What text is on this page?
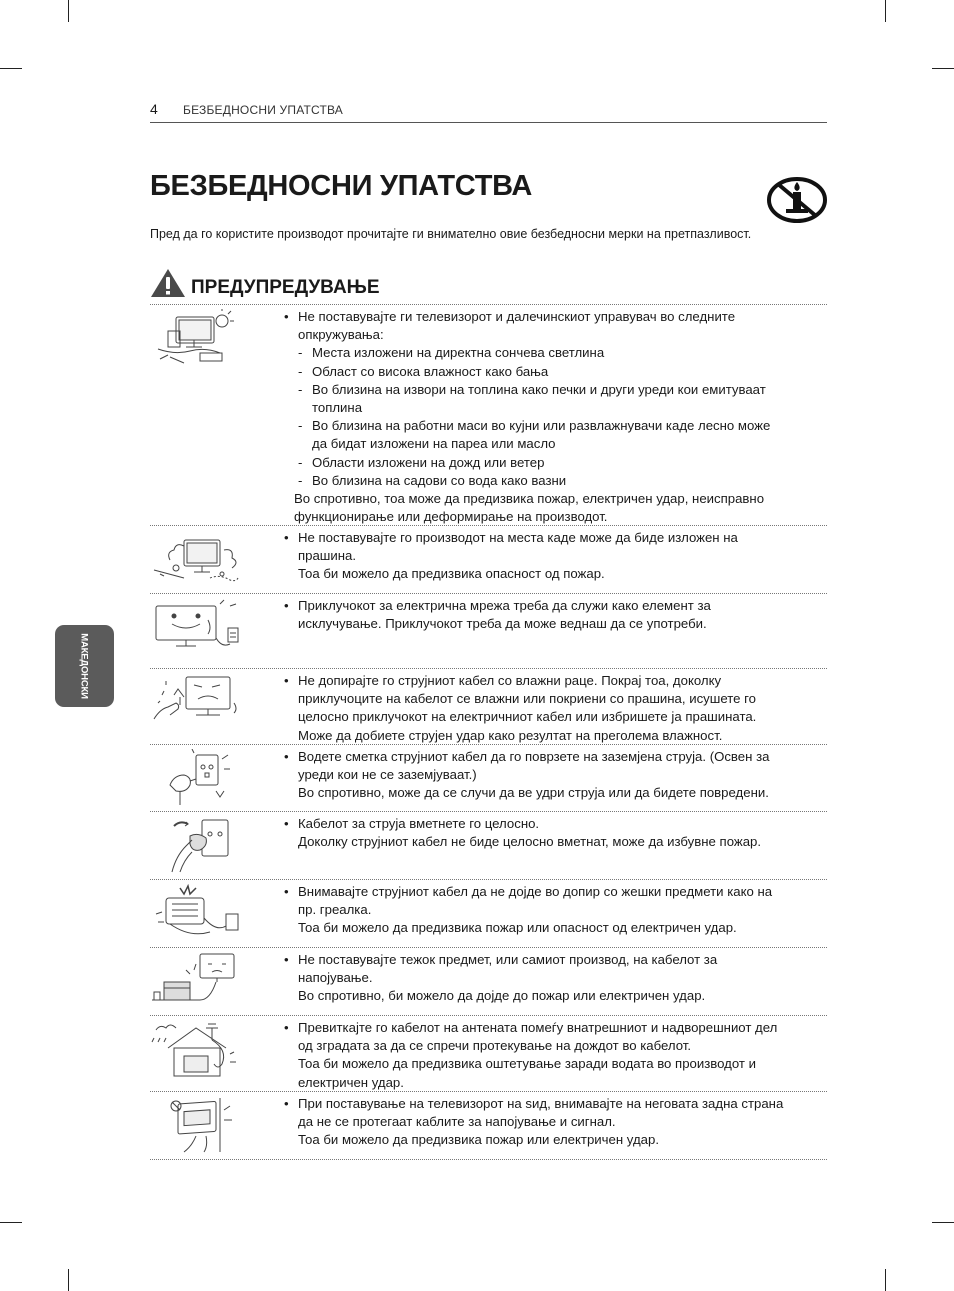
4 БЕЗБЕДНОСНИ УПАТСТВА
БЕЗБЕДНОСНИ УПАТСТВА
Пред да го користите производот прочитајте ги внимателно овие безбедносни мерки на претпазливост.
ПРЕДУПРЕДУВАЊЕ
МАКЕДОНСКИ
• Не поставувајте ги телевизорот и далечинскиот управувач во следните
опкружувања:
- Места изложени на директна сончева светлина
- Област со висока влажност како бања
- Во близина на извори на топлина како печки и други уреди кои емитуваат
топлина
- Во близина на работни маси во кујни или развлажнувачи каде лесно може
да бидат изложени на пареа или масло
- Области изложени на дожд или ветер
- Во близина на садови со вода како вазни
Во спротивно, тоа може да предизвика пожар, електричен удар, неисправно
функционирање или деформирање на производот.
• Не поставувајте го производот на места каде може да биде изложен на
прашина.
Тоа би можело да предизвика опасност од пожар.
• Приклучокот за електрична мрежа треба да служи како елемент за
исклучување. Приклучокот треба да може веднаш да се употреби.
• Не допирајте го струјниот кабел со влажни раце. Покрај тоа, доколку
приклучоците на кабелот се влажни или покриени со прашина, исушете го
целосно приклучокот на електричниот кабел или избришете ја прашината.
Може да добиете струјен удар како резултат на преголема влажност.
• Водете сметка струјниот кабел да го поврзете на заземјена струја. (Освен за
уреди кои не се заземјуваат.)
Во спротивно, може да се случи да ве удри струја или да бидете повредени.
• Кабелот за струја вметнете го целосно.
Доколку струјниот кабел не биде целосно вметнат, може да избувне пожар.
• Внимавајте струјниот кабел да не дојде во допир со жешки предмети како на
пр. греалка.
Тоа би можело да предизвика пожар или опасност од електричен удар.
• Не поставувајте тежок предмет, или самиот производ, на кабелот за
напојување.
Во спротивно, би можело да дојде до пожар или електричен удар.
• Превиткајте го кабелот на антената помеѓу внатрешниот и надворешниот дел
од зградата за да се спречи протекување на дождот во кабелот.
Тоа би можело да предизвика оштетување заради водата во производот и
електричен удар.
• При поставување на телевизорот на sид, внимавајте на неговата задна страна
да не се протегаат каблите за напојување и сигнал.
Тоа би можело да предизвика пожар или електричен удар.
